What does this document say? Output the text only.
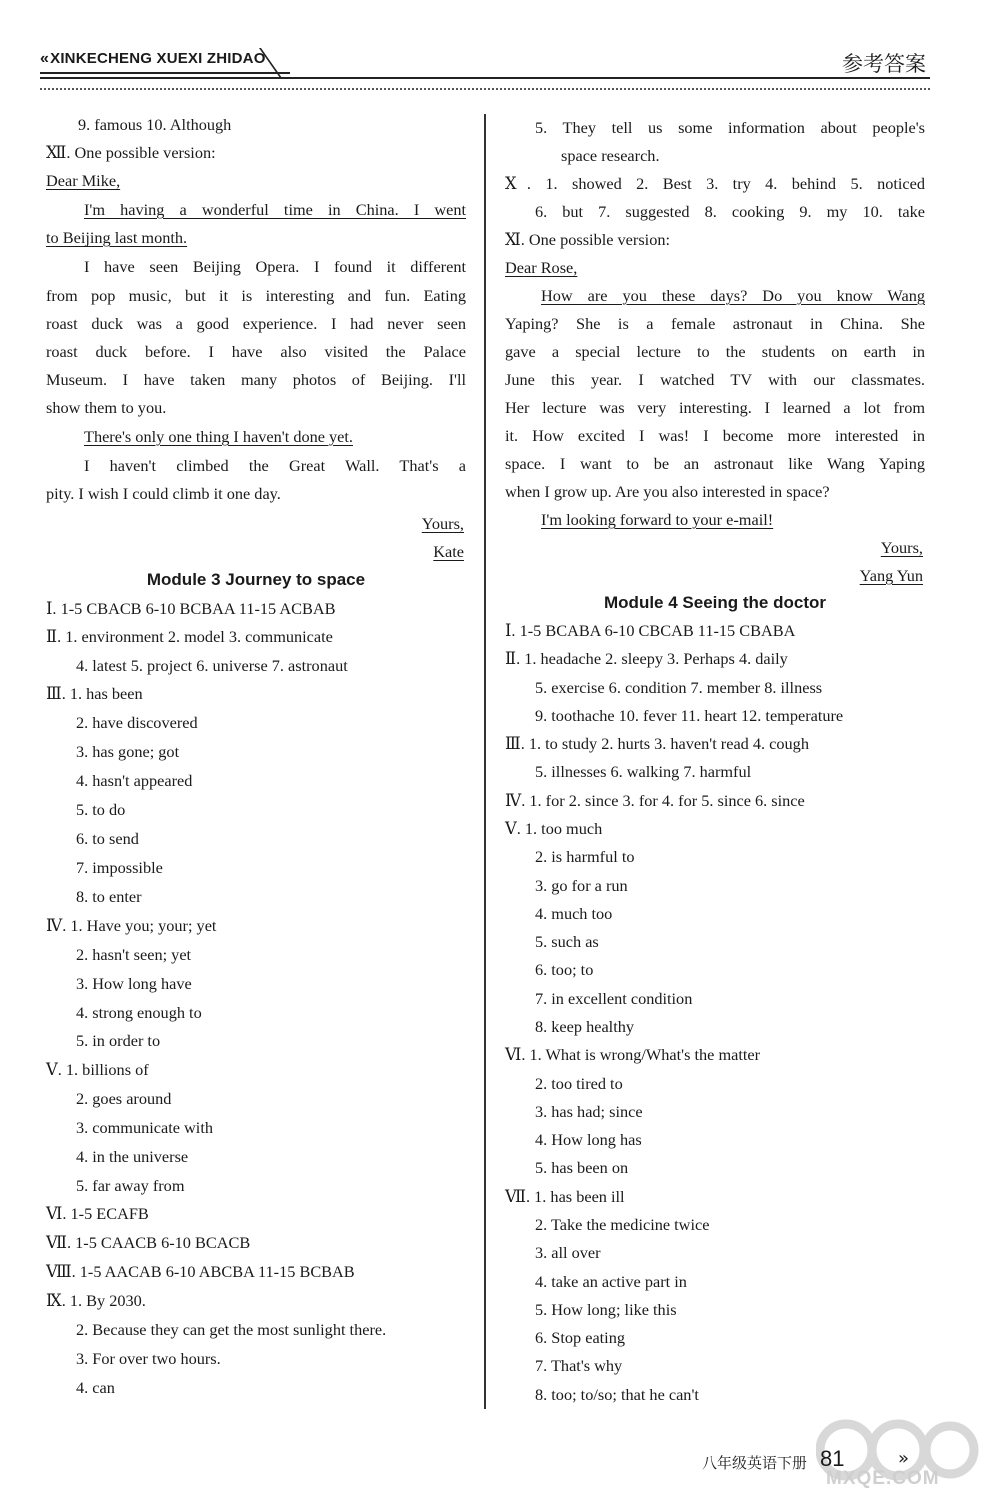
«XINKECHENG XUEXI ZHIDAO	参考答案
9. famous 10. Although
Ⅻ. One possible version:
Dear Mike,
I'm having a wonderful time in China. I went
to Beijing last month.
I have seen Beijing Opera. I found it different
from pop music, but it is interesting and fun. Eating
roast duck was a good experience. I had never seen
roast duck before. I have also visited the Palace
Museum. I have taken many photos of Beijing. I'll
show them to you.
There's only one thing I haven't done yet.
I haven't climbed the Great Wall. That's a
pity. I wish I could climb it one day.
Yours,
Kate
Module 3 Journey to space
Ⅰ. 1-5 CBACB 6-10 BCBAA 11-15 ACBAB
Ⅱ. 1. environment 2. model 3. communicate
4. latest 5. project 6. universe 7. astronaut
Ⅲ. 1. has been
2. have discovered
3. has gone; got
4. hasn't appeared
5. to do
6. to send
7. impossible
8. to enter
Ⅳ. 1. Have you; your; yet
2. hasn't seen; yet
3. How long have
4. strong enough to
5. in order to
Ⅴ. 1. billions of
2. goes around
3. communicate with
4. in the universe
5. far away from
Ⅵ. 1-5 ECAFB
Ⅶ. 1-5 CAACB 6-10 BCACB
Ⅷ. 1-5 AACAB 6-10 ABCBA 11-15 BCBAB
Ⅸ. 1. By 2030.
2. Because they can get the most sunlight there.
3. For over two hours.
4. can
5. They tell us some information about people's
space research.
Ⅹ. 1. showed 2. Best 3. try 4. behind 5. noticed
6. but 7. suggested 8. cooking 9. my 10. take
Ⅺ. One possible version:
Dear Rose,
How are you these days? Do you know Wang
Yaping? She is a female astronaut in China. She
gave a special lecture to the students on earth in
June this year. I watched TV with our classmates.
Her lecture was very interesting. I learned a lot from
it. How excited I was! I become more interested in
space. I want to be an astronaut like Wang Yaping
when I grow up. Are you also interested in space?
I'm looking forward to your e-mail!
Yours,
Yang Yun
Module 4 Seeing the doctor
Ⅰ. 1-5 BCABA 6-10 CBCAB 11-15 CBABA
Ⅱ. 1. headache 2. sleepy 3. Perhaps 4. daily
5. exercise 6. condition 7. member 8. illness
9. toothache 10. fever 11. heart 12. temperature
Ⅲ. 1. to study 2. hurts 3. haven't read 4. cough
5. illnesses 6. walking 7. harmful
Ⅳ. 1. for 2. since 3. for 4. for 5. since 6. since
Ⅴ. 1. too much
2. is harmful to
3. go for a run
4. much too
5. such as
6. too; to
7. in excellent condition
8. keep healthy
Ⅵ. 1. What is wrong/What's the matter
2. too tired to
3. has had; since
4. How long has
5. has been on
Ⅶ. 1. has been ill
2. Take the medicine twice
3. all over
4. take an active part in
5. How long; like this
6. Stop eating
7. That's why
8. too; to/so; that he can't
MXQE.COM
八年级英语下册 81	»
